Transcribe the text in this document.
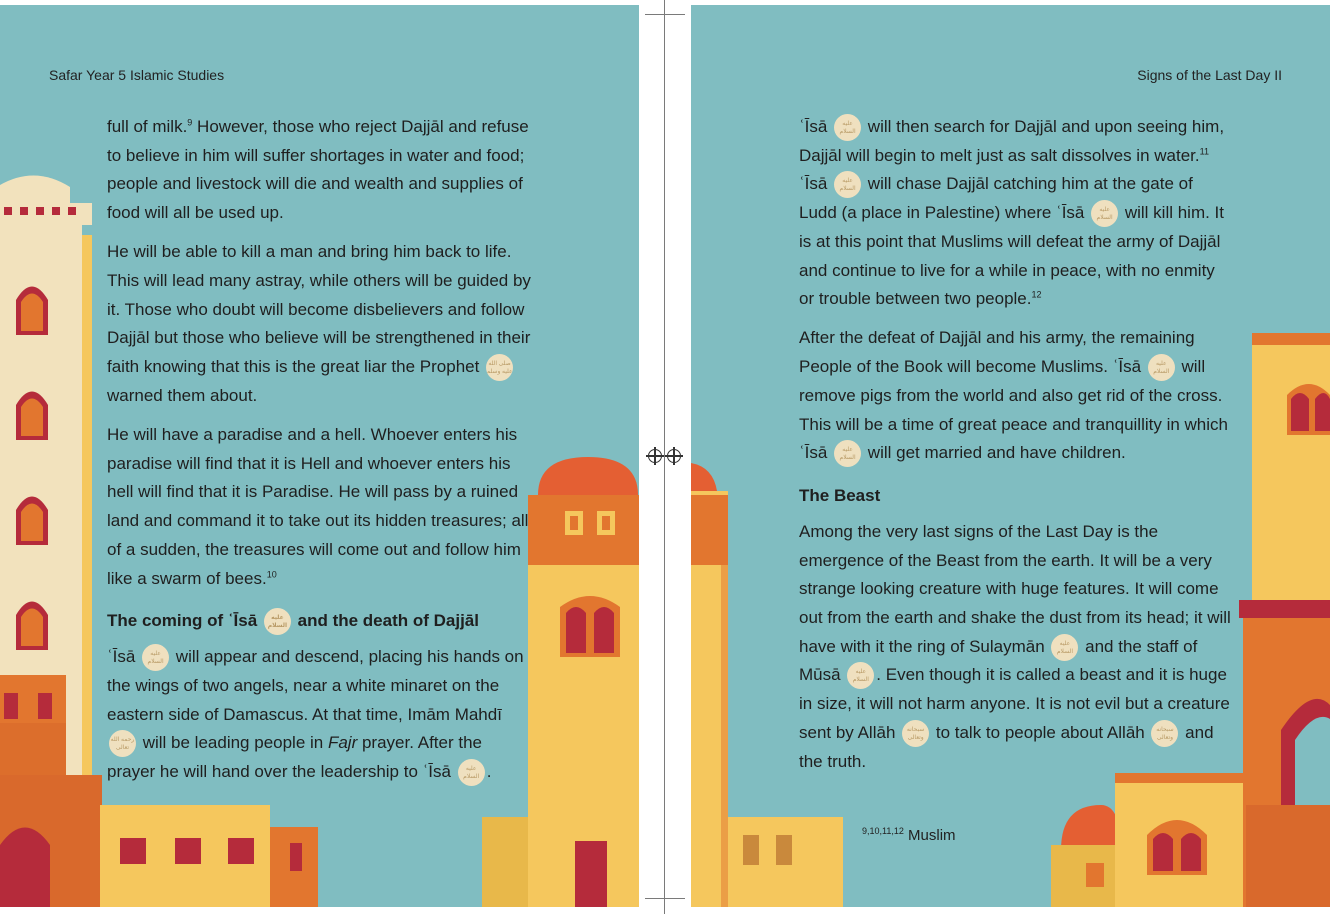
Safar Year 5 Islamic Studies

full of milk.$^9$ However, those who reject Dajjāl and refuse to believe in him will suffer shortages in water and food; people and livestock will die and wealth and supplies of food will all be used up.

He will be able to kill a man and bring him back to life. This will lead many astray, while others will be guided by it. Those who doubt will become disbelievers and follow Dajjāl but those who believe will be strengthened in their faith knowing that this is the great liar the Prophet صلى الله عليه وسلم warned them about.

He will have a paradise and a hell. Whoever enters his paradise will find that it is Hell and whoever enters his hell will find that it is Paradise. He will pass by a ruined land and command it to take out its hidden treasures; all of a sudden, the treasures will come out and follow him like a swarm of bees.$^{10}$

The coming of ʿĪsā عليه السلام and the death of Dajjāl

ʿĪsā عليه السلام will appear and descend, placing his hands on the wings of two angels, near a white minaret on the eastern side of Damascus. At that time, Imām Mahdī رحمه الله تعالى will be leading people in Fajr prayer. After the prayer he will hand over the leadership to ʿĪsā عليه السلام .

Signs of the Last Day II

ʿĪsā عليه السلام will then search for Dajjāl and upon seeing him, Dajjāl will begin to melt just as salt dissolves in water.$^{11}$ ʿĪsā عليه السلام will chase Dajjāl catching him at the gate of Ludd (a place in Palestine) where ʿĪsā عليه السلام will kill him. It is at this point that Muslims will defeat the army of Dajjāl and continue to live for a while in peace, with no enmity or trouble between two people.$^{12}$

After the defeat of Dajjāl and his army, the remaining People of the Book will become Muslims. ʿĪsā عليه السلام will remove pigs from the world and also get rid of the cross. This will be a time of great peace and tranquillity in which ʿĪsā عليه السلام will get married and have children.

The Beast

Among the very last signs of the Last Day is the emergence of the Beast from the earth. It will be a very strange looking creature with huge features. It will come out from the earth and shake the dust from its head; it will have with it the ring of Sulaymān عليه السلام and the staff of Mūsā عليه السلام . Even though it is called a beast and it is huge in size, it will not harm anyone. It is not evil but a creature sent by Allāh سبحانه وتعالى to talk to people about Allāh سبحانه وتعالى and the truth.

$^{9,10,11,12}$ Muslim
